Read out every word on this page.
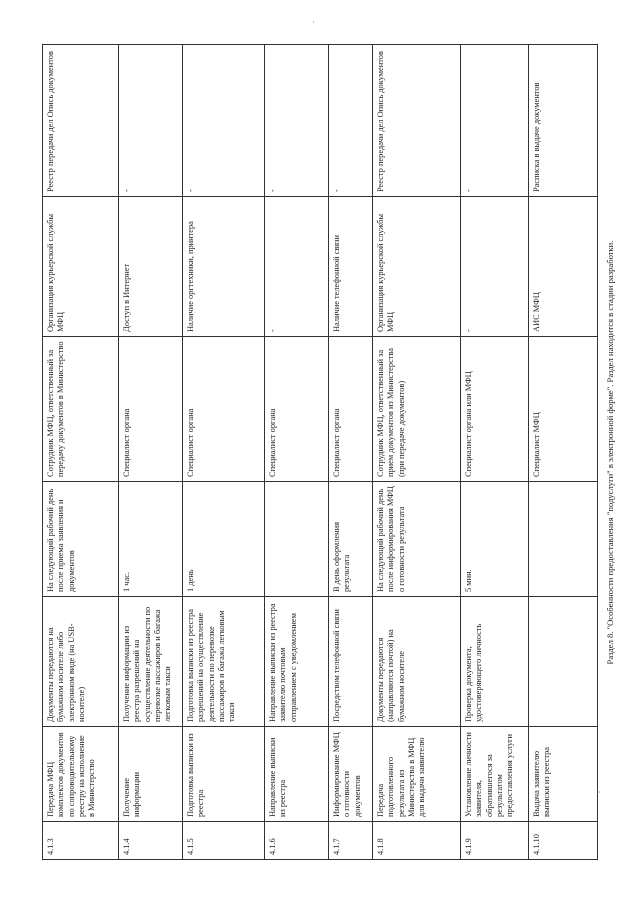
4.1.3	Передача МФЦ комплектов документов по сопроводительному реестру на исполнение в Министерство	Документы передаются на бумажном носителе либо электронном виде (на USB-носителе)	На следующий рабочий день после приема заявления и документов	Сотрудник МФЦ, ответственный за передачу документов в Министерство	Организация курьерской службы МФЦ	Реестр передачи дел Опись документов
4.1.4	Получение информации	Получение информации из реестра разрешений на осуществление деятельности по перевозке пассажиров и багажа легковым такси	1 час.	Специалист органа	Доступ в Интернет	-
4.1.5	Подготовка выписки из реестра	Подготовка выписки из реестра разрешений на осуществление деятельности по перевозке пассажиров и багажа легковым такси	1 день	Специалист органа	Наличие оргтехники, принтера	-
4.1.6	Направление выписки из реестра	Направление выписки из реестра заявителю почтовым отправлением с уведомлением		Специалист органа	-	-
4.1.7	Информирование МФЦ о готовности документов	Посредством телефонной связи	В день оформления результата	Специалист органа	Наличие телефонной связи	-
4.1.8	Передача подготовленного результата из Министерства в МФЦ для выдачи заявителю	Документы передаются (направляются почтой) на бумажном носителе	На следующий рабочий день после информирования МФЦ о готовности результата	Сотрудник МФЦ, ответственный за прием документов из Министерства (при передаче документов)	Организация курьерской службы МФЦ	Реестр передачи дел Опись документов
4.1.9	Установление личности заявителя, обратившегося за результатом предоставления услуги	Проверка документа, удостоверяющего личность	5 мин.	Специалист органа или МФЦ	-	-
4.1.10	Выдача заявителю выписки из реестра			Специалист МФЦ	АИС МФЦ	Расписка в выдаче документов
Раздел 8. "Особенности предоставления "подуслуги" в электронной форме". Раздел находится в стадии разработки.
·
·
